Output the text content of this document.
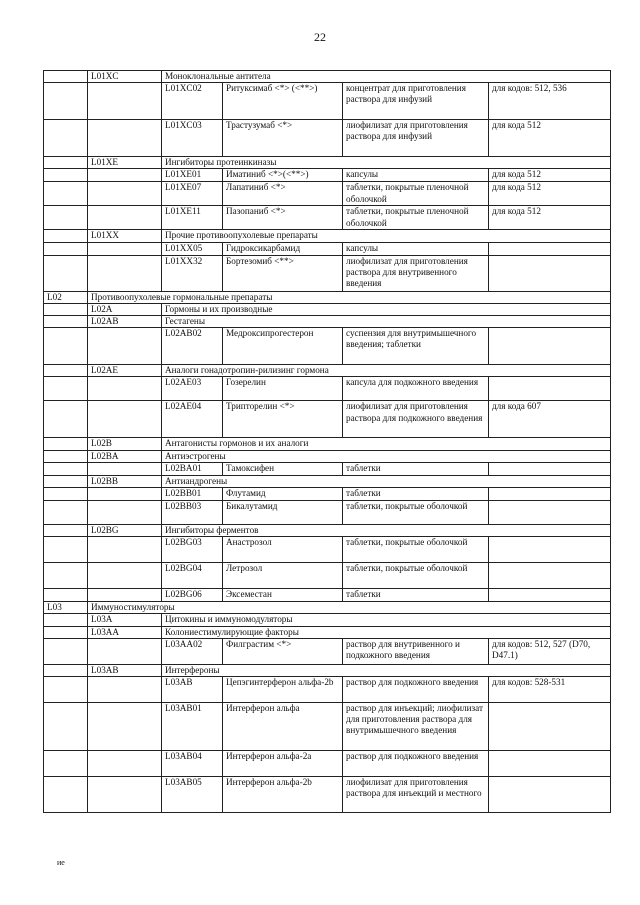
22
	L01XC	Моноклональные антитела			
		L01XC02	Ритуксимаб <*> (<**>)	концентрат для приготовления раствора для инфузий	для кодов: 512, 536
		L01XC03	Трастузумаб <*>	лиофилизат для приготовления раствора для инфузий	для кода 512
	L01XE	Ингибиторы протеинкиназы			
		L01XE01	Иматиниб <*>(<**>)	капсулы	для кода 512
		L01XE07	Лапатиниб <*>	таблетки, покрытые пленочной оболочкой	для кода 512
		L01XE11	Пазопаниб <*>	таблетки, покрытые пленочной оболочкой	для кода 512
	L01XX	Прочие противоопухолевые препараты			
		L01XX05	Гидроксикарбамид	капсулы	
		L01XX32	Бортезомиб <**>	лиофилизат для приготовления раствора для внутривенного введения	
L02	Противоопухолевые гормональные препараты				
	L02A	Гормоны и их производные			
	L02AB	Гестагены			
		L02AB02	Медроксипрогестерон	суспензия для внутримышечного введения; таблетки	
	L02AE	Аналоги гонадотропин-рилизинг гормона			
		L02AE03	Гозерелин	капсула для подкожного введения	
		L02AE04	Трипторелин <*>	лиофилизат для приготовления раствора для подкожного введения	для кода 607
	L02B	Антагонисты гормонов и их аналоги			
	L02BA	Антиэстрогены			
		L02BA01	Тамоксифен	таблетки	
	L02BB	Антиандрогены			
		L02BB01	Флутамид	таблетки	
		L02BB03	Бикалутамид	таблетки, покрытые оболочкой	
	L02BG	Ингибиторы ферментов			
		L02BG03	Анастрозол	таблетки, покрытые оболочкой	
		L02BG04	Летрозол	таблетки, покрытые оболочкой	
		L02BG06	Эксеместан	таблетки	
L03	Иммуностимуляторы				
	L03A	Цитокины и иммуномодуляторы			
	L03AA	Колониестимулирующие факторы			
		L03AA02	Филграстим <*>	раствор для внутривенного и подкожного введения	для кодов: 512, 527 (D70, D47.1)
	L03AB	Интерфероны			
		L03AB	Цепэгинтерферон альфа-2b	раствор для подкожного введения	для кодов: 528-531
		L03AB01	Интерферон альфа	раствор для инъекций; лиофилизат для приготовления раствора для внутримышечного введения	
		L03AB04	Интерферон альфа-2а	раствор для подкожного введения	
		L03AB05	Интерферон альфа-2b	лиофилизат для приготовления раствора для инъекций и местного	
ие
